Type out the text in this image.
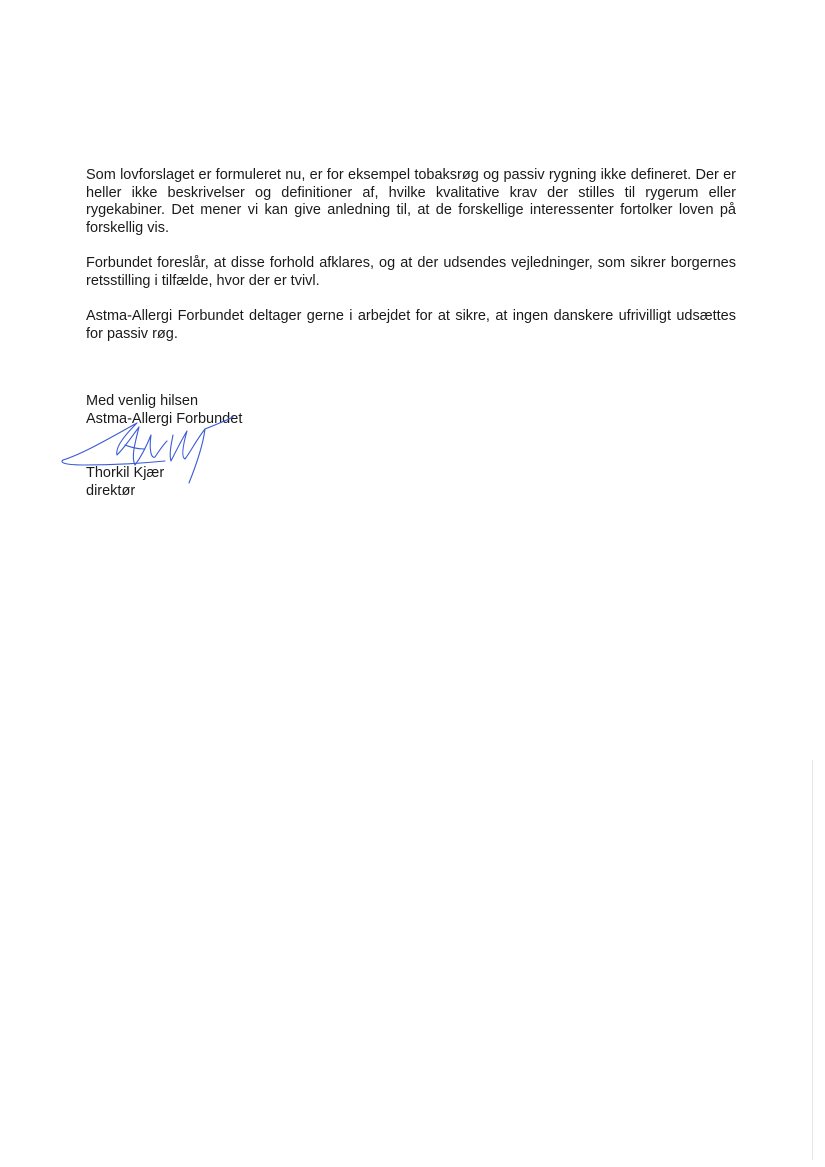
Som lovforslaget er formuleret nu, er for eksempel tobaksrøg og passiv rygning ikke defineret. Der er heller ikke beskrivelser og definitioner af, hvilke kvalitative krav der stilles til rygerum eller rygekabiner. Det mener vi kan give anledning til, at de forskellige interessenter fortolker loven på forskellig vis.

Forbundet foreslår, at disse forhold afklares, og at der udsendes vejledninger, som sikrer borgernes retsstilling i tilfælde, hvor der er tvivl.

Astma-Allergi Forbundet deltager gerne i arbejdet for at sikre, at ingen danskere ufrivilligt udsættes for passiv røg.

Med venlig hilsen
Astma-Allergi Forbundet
Thorkil Kjær
direktør
